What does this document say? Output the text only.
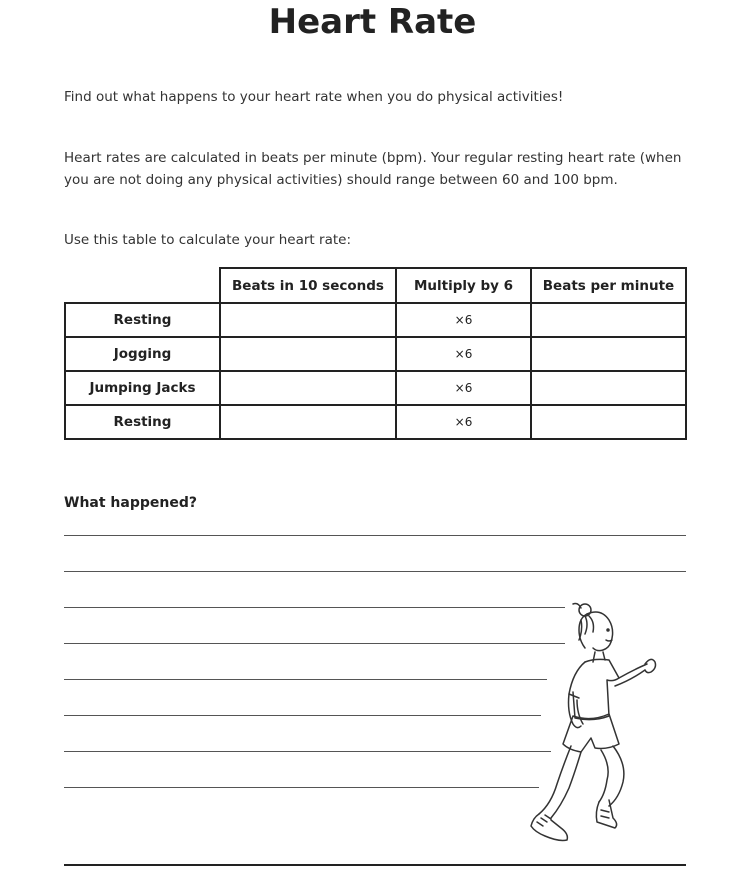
Heart Rate
Find out what happens to your heart rate when you do physical activities!
Heart rates are calculated in beats per minute (bpm). Your regular resting heart rate (when you are not doing any physical activities) should range between 60 and 100 bpm.
Use this table to calculate your heart rate:
	Beats in 10 seconds	Multiply by 6	Beats per minute
Resting		×6	
Jogging		×6	
Jumping Jacks		×6	
Resting		×6	
What happened?
